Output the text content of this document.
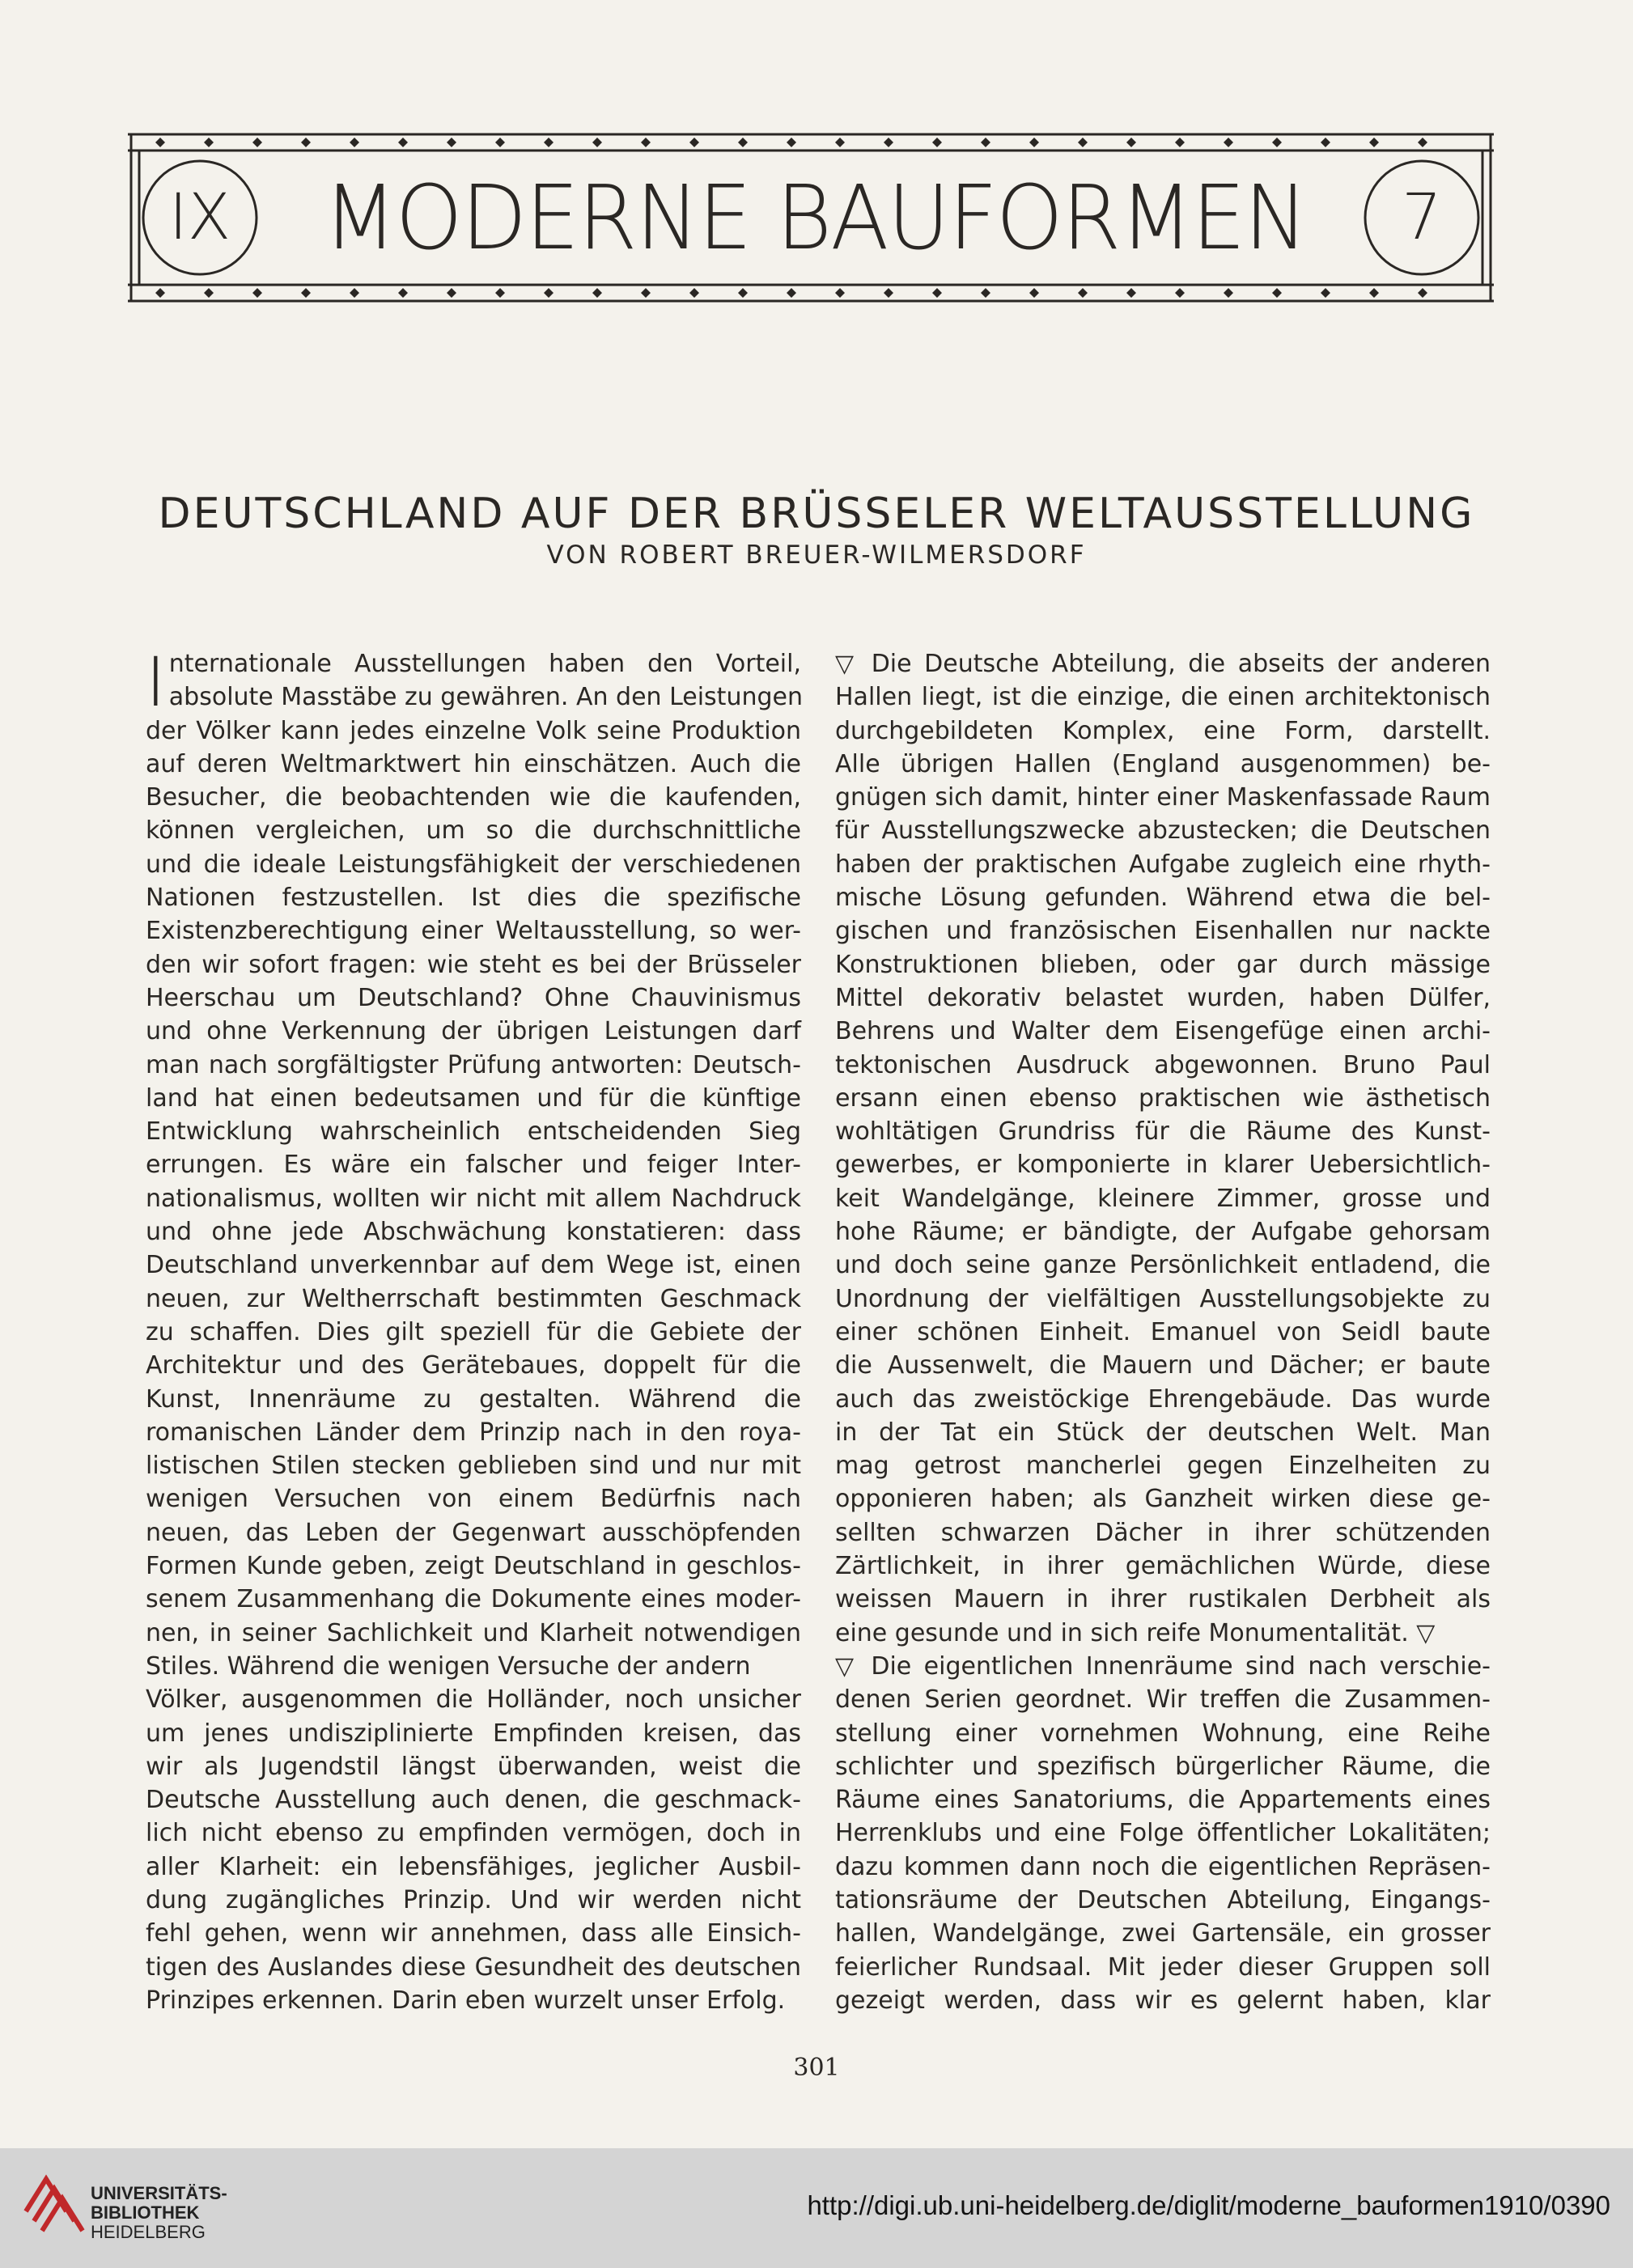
IX MODERNE BAUFORMEN	7
DEUTSCHLAND AUF DER BRÜSSELER WELTAUSSTELLUNG
VON ROBERT BREUER-WILMERSDORF
I nternationale Ausstellungen haben den Vorteil,
absolute Masstäbe zu gewähren. An den Leistungen
der Völker kann jedes einzelne Volk seine Produktion
auf deren Weltmarktwert hin einschätzen. Auch die
Besucher, die beobachtenden wie die kaufenden,
können vergleichen, um so die durchschnittliche
und die ideale Leistungsfähigkeit der verschiedenen
Nationen festzustellen. Ist dies die spezifische
Existenzberechtigung einer Weltausstellung, so wer-
den wir sofort fragen: wie steht es bei der Brüsseler
Heerschau um Deutschland? Ohne Chauvinismus
und ohne Verkennung der übrigen Leistungen darf
man nach sorgfältigster Prüfung antworten: Deutsch-
land hat einen bedeutsamen und für die künftige
Entwicklung wahrscheinlich entscheidenden Sieg
errungen. Es wäre ein falscher und feiger Inter-
nationalismus, wollten wir nicht mit allem Nachdruck
und ohne jede Abschwächung konstatieren: dass
Deutschland unverkennbar auf dem Wege ist, einen
neuen, zur Weltherrschaft bestimmten Geschmack
zu schaffen. Dies gilt speziell für die Gebiete der
Architektur und des Gerätebaues, doppelt für die
Kunst, Innenräume zu gestalten. Während die
romanischen Länder dem Prinzip nach in den roya-
listischen Stilen stecken geblieben sind und nur mit
wenigen Versuchen von einem Bedürfnis nach
neuen, das Leben der Gegenwart ausschöpfenden
Formen Kunde geben, zeigt Deutschland in geschlos-
senem Zusammenhang die Dokumente eines moder-
nen, in seiner Sachlichkeit und Klarheit notwendigen
Stiles. Während die wenigen Versuche der andern
Völker, ausgenommen die Holländer, noch unsicher
um jenes undisziplinierte Empfinden kreisen, das
wir als Jugendstil längst überwanden, weist die
Deutsche Ausstellung auch denen, die geschmack-
lich nicht ebenso zu empfinden vermögen, doch in
aller Klarheit: ein lebensfähiges, jeglicher Ausbil-
dung zugängliches Prinzip. Und wir werden nicht
fehl gehen, wenn wir annehmen, dass alle Einsich-
tigen des Auslandes diese Gesundheit des deutschen
Prinzipes erkennen. Darin eben wurzelt unser Erfolg.
▽ Die Deutsche Abteilung, die abseits der anderen
Hallen liegt, ist die einzige, die einen architektonisch
durchgebildeten Komplex, eine Form, darstellt.
Alle übrigen Hallen (England ausgenommen) be-
gnügen sich damit, hinter einer Maskenfassade Raum
für Ausstellungszwecke abzustecken; die Deutschen
haben der praktischen Aufgabe zugleich eine rhyth-
mische Lösung gefunden. Während etwa die bel-
gischen und französischen Eisenhallen nur nackte
Konstruktionen blieben, oder gar durch mässige
Mittel dekorativ belastet wurden, haben Dülfer,
Behrens und Walter dem Eisengefüge einen archi-
tektonischen Ausdruck abgewonnen. Bruno Paul
ersann einen ebenso praktischen wie ästhetisch
wohltätigen Grundriss für die Räume des Kunst-
gewerbes, er komponierte in klarer Uebersichtlich-
keit Wandelgänge, kleinere Zimmer, grosse und
hohe Räume; er bändigte, der Aufgabe gehorsam
und doch seine ganze Persönlichkeit entladend, die
Unordnung der vielfältigen Ausstellungsobjekte zu
einer schönen Einheit. Emanuel von Seidl baute
die Aussenwelt, die Mauern und Dächer; er baute
auch das zweistöckige Ehrengebäude. Das wurde
in der Tat ein Stück der deutschen Welt. Man
mag getrost mancherlei gegen Einzelheiten zu
opponieren haben; als Ganzheit wirken diese ge-
sellten schwarzen Dächer in ihrer schützenden
Zärtlichkeit, in ihrer gemächlichen Würde, diese
weissen Mauern in ihrer rustikalen Derbheit als
eine gesunde und in sich reife Monumentalität. ▽
▽ Die eigentlichen Innenräume sind nach verschie-
denen Serien geordnet. Wir treffen die Zusammen-
stellung einer vornehmen Wohnung, eine Reihe
schlichter und spezifisch bürgerlicher Räume, die
Räume eines Sanatoriums, die Appartements eines
Herrenklubs und eine Folge öffentlicher Lokalitäten;
dazu kommen dann noch die eigentlichen Repräsen-
tationsräume der Deutschen Abteilung, Eingangs-
hallen, Wandelgänge, zwei Gartensäle, ein grosser
feierlicher Rundsaal. Mit jeder dieser Gruppen soll
gezeigt werden, dass wir es gelernt haben, klar
301
UNIVERSITÄTS-
BIBLIOTHEK
HEIDELBERG
http://digi.ub.uni-heidelberg.de/diglit/moderne_bauformen1910/0390
